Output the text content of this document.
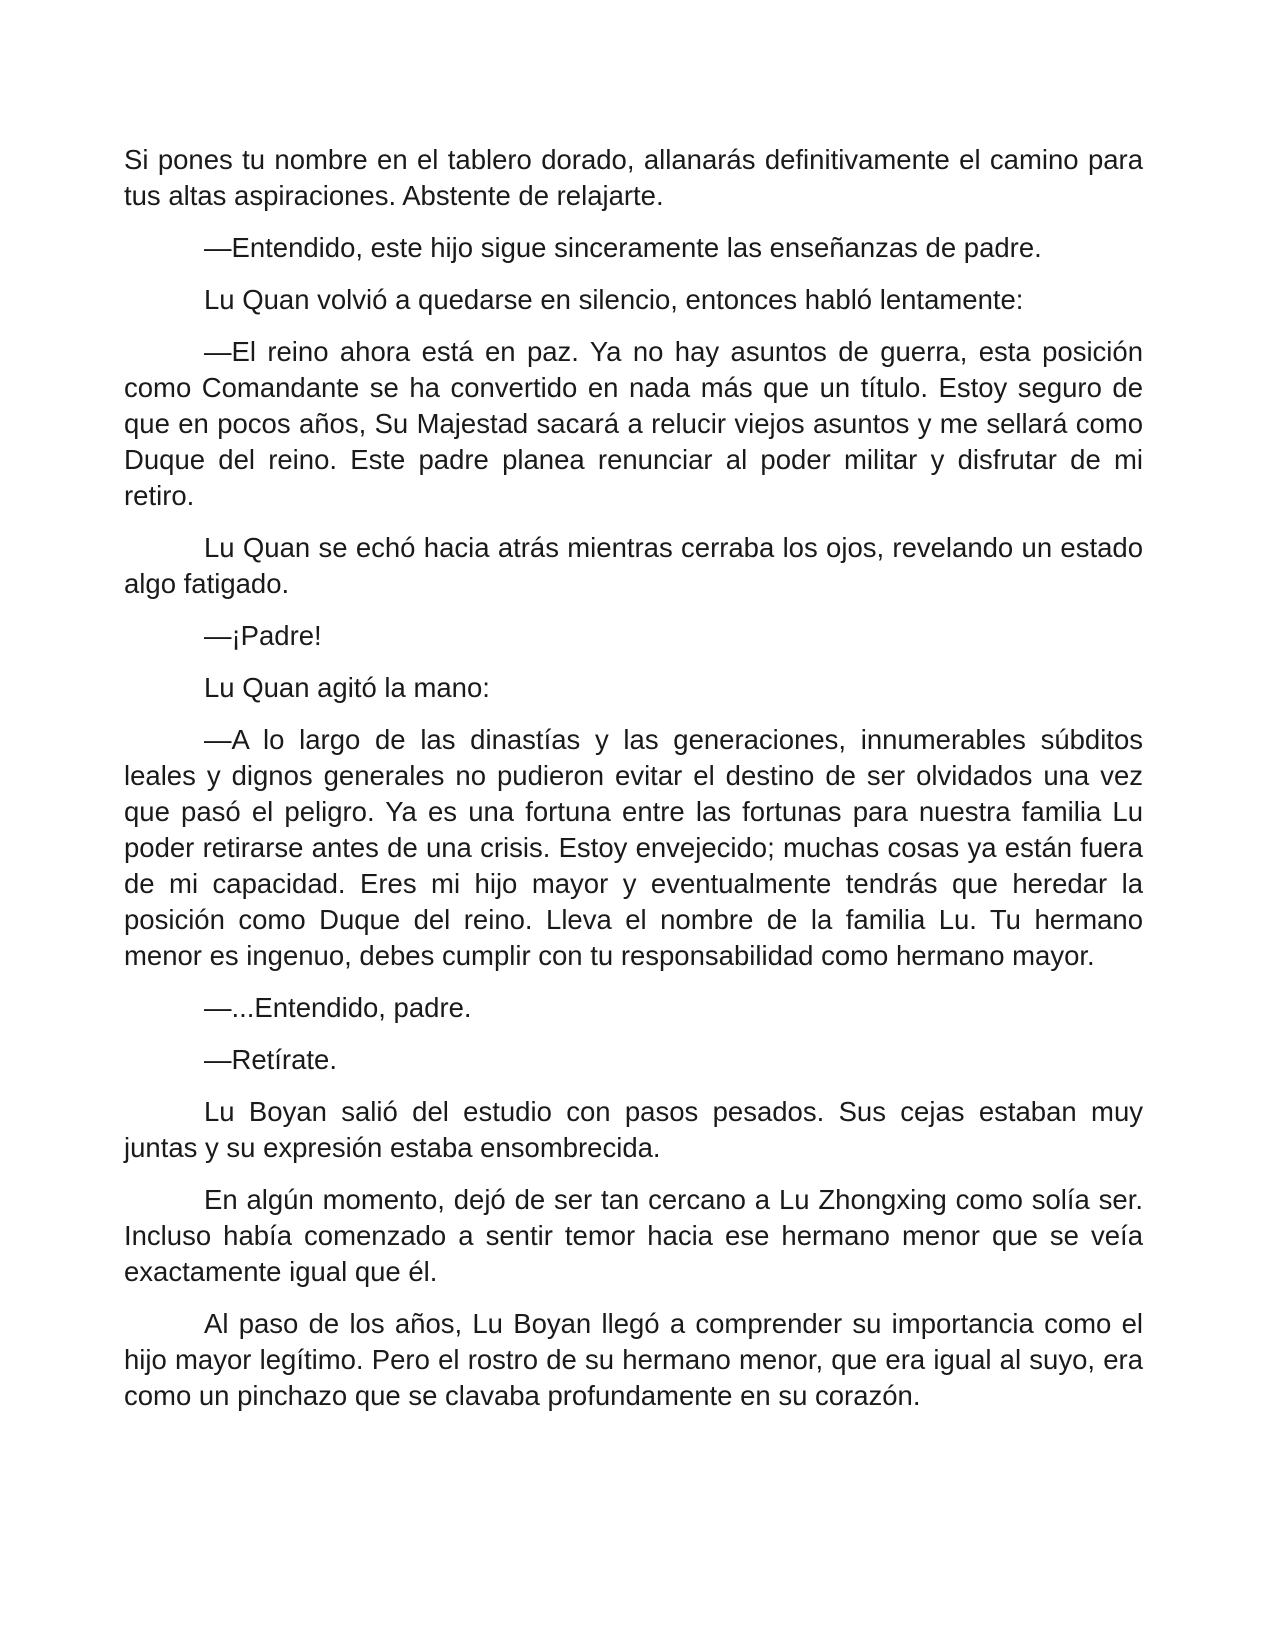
Si pones tu nombre en el tablero dorado, allanarás definitivamente el camino para tus altas aspiraciones. Abstente de relajarte.

—Entendido, este hijo sigue sinceramente las enseñanzas de padre.

Lu Quan volvió a quedarse en silencio, entonces habló lentamente:

—El reino ahora está en paz. Ya no hay asuntos de guerra, esta posición como Comandante se ha convertido en nada más que un título. Estoy seguro de que en pocos años, Su Majestad sacará a relucir viejos asuntos y me sellará como Duque del reino. Este padre planea renunciar al poder militar y disfrutar de mi retiro.

Lu Quan se echó hacia atrás mientras cerraba los ojos, revelando un estado algo fatigado.

—¡Padre!

Lu Quan agitó la mano:

—A lo largo de las dinastías y las generaciones, innumerables súbditos leales y dignos generales no pudieron evitar el destino de ser olvidados una vez que pasó el peligro. Ya es una fortuna entre las fortunas para nuestra familia Lu poder retirarse antes de una crisis. Estoy envejecido; muchas cosas ya están fuera de mi capacidad. Eres mi hijo mayor y eventualmente tendrás que heredar la posición como Duque del reino. Lleva el nombre de la familia Lu. Tu hermano menor es ingenuo, debes cumplir con tu responsabilidad como hermano mayor.

—...Entendido, padre.

—Retírate.

Lu Boyan salió del estudio con pasos pesados. Sus cejas estaban muy juntas y su expresión estaba ensombrecida.

En algún momento, dejó de ser tan cercano a Lu Zhongxing como solía ser. Incluso había comenzado a sentir temor hacia ese hermano menor que se veía exactamente igual que él.

Al paso de los años, Lu Boyan llegó a comprender su importancia como el hijo mayor legítimo. Pero el rostro de su hermano menor, que era igual al suyo, era como un pinchazo que se clavaba profundamente en su corazón.
